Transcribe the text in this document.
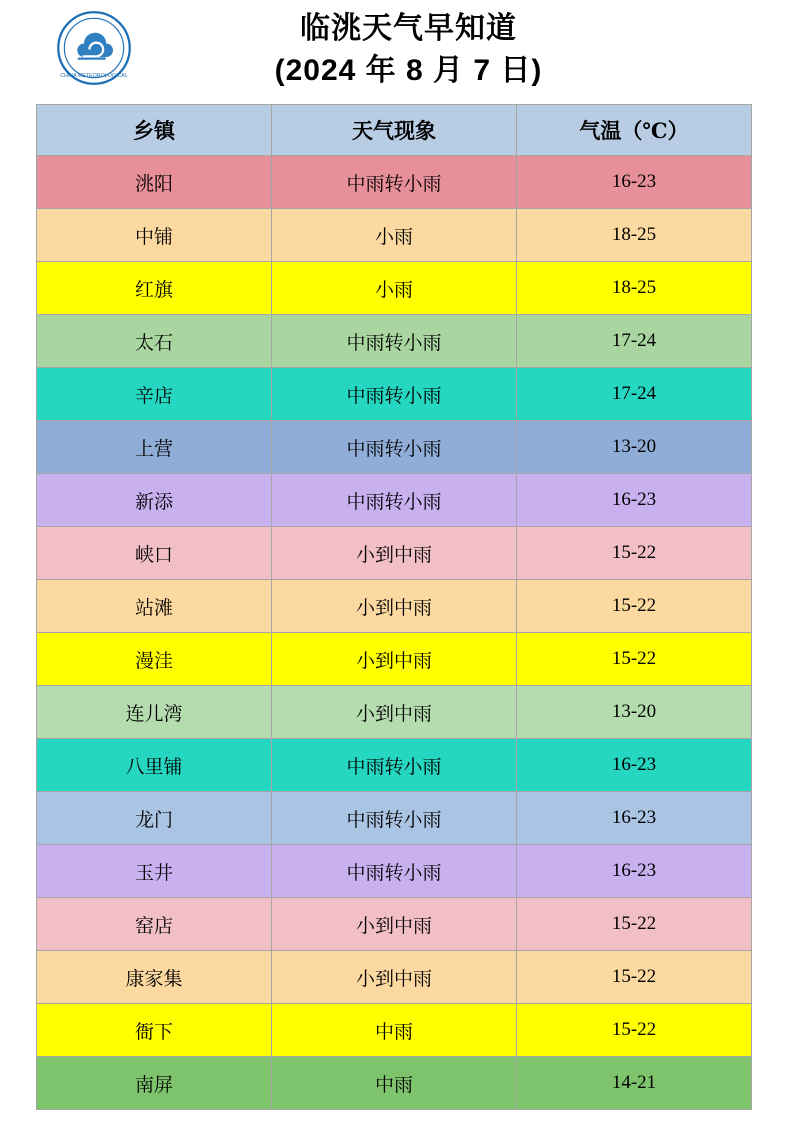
CHINA METEOROLOGICAL
临洮天气早知道
(2024 年 8 月 7 日)
乡镇	天气现象	气温（℃）
洮阳	中雨转小雨	16-23
中铺	小雨	18-25
红旗	小雨	18-25
太石	中雨转小雨	17-24
辛店	中雨转小雨	17-24
上营	中雨转小雨	13-20
新添	中雨转小雨	16-23
峡口	小到中雨	15-22
站滩	小到中雨	15-22
漫洼	小到中雨	15-22
连儿湾	小到中雨	13-20
八里铺	中雨转小雨	16-23
龙门	中雨转小雨	16-23
玉井	中雨转小雨	16-23
窑店	小到中雨	15-22
康家集	小到中雨	15-22
衙下	中雨	15-22
南屏	中雨	14-21
